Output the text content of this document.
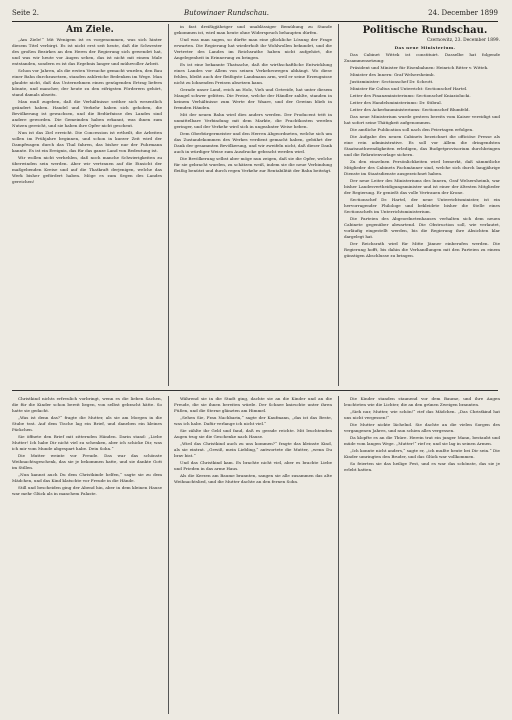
Seite 2.	Butowinaer Rundschau.	24. December 1899

Am Ziele.

„Am Ziele!“ Mit Wenigem ist es vorgenommen, was sich hinter diesem Titel verbirgt. Es ist nicht erst seit heute, daß die Schwester des großen Bezirkes an den Herrn der Regierung sich gewendet hat, und was wir heute vor Augen sehen, das ist nicht mit einem Male entstanden, sondern es ist das Ergebnis langer und mühevoller Arbeit.

Schon vor Jahren, als die ersten Versuche gemacht wurden, den Bau einer Bahn durchzusetzen, standen zahlreiche Bedenken im Wege. Man glaubte nicht, daß das Unternehmen einen genügenden Ertrag liefern könnte, und mancher, der heute zu den eifrigsten Förderern gehört, stand damals abseits.

Man muß zugeben, daß die Verhältnisse seither sich wesentlich geändert haben. Handel und Verkehr haben sich gehoben, die Bevölkerung ist gewachsen, und die Bedürfnisse des Landes sind andere geworden. Die Gemeinden haben erkannt, was ihnen zum Nutzen gereicht, und sie haben ihre Opfer nicht gescheut.

Nun ist das Ziel erreicht. Die Concession ist ertheilt, die Arbeiten sollen im Frühjahre beginnen, und schon in kurzer Zeit wird der Dampfwagen durch das Thal fahren, das bisher nur der Fuhrmann kannte. Es ist ein Ereignis, das für das ganze Land von Bedeutung ist.

Wir wollen nicht verhehlen, daß noch manche Schwierigkeiten zu überwinden sein werden. Aber wir vertrauen auf die Einsicht der maßgebenden Kreise und auf die Thatkraft derjenigen, welche das Werk bisher gefördert haben. Möge es zum Segen des Landes gereichen!

in fast dreißigjähriger und unablässiger Bemühung zu Stande gekommen ist, wird man heute ohne Widerspruch behaupten dürfen.

Und was man sagen, so dürfte man eine glückliche Lösung der Frage erwarten. Die Regierung hat wiederholt ihr Wohlwollen bekundet, und die Vertreter des Landes im Reichsrathe haben nicht aufgehört, die Angelegenheit in Erinnerung zu bringen.

Es ist eine bekannte Thatsache, daß die wirthschaftliche Entwicklung eines Landes vor Allem von seinen Verkehrswegen abhängt. Wo diese fehlen, bleibt auch der fleißigste Landmann arm, weil er seine Erzeugnisse nicht zu lohnenden Preisen absetzen kann.

Gerade unser Land, reich an Holz, Vieh und Getreide, hat unter diesem Mangel schwer gelitten. Die Preise, welche der Händler zahlte, standen in keinem Verhältnisse zum Werte der Waare, und der Gewinn blieb in fremden Händen.

Mit der neuen Bahn wird dies anders werden. Der Producent tritt in unmittelbare Verbindung mit dem Markte, die Frachtkosten werden geringer, und der Verkehr wird sich in ungeahnter Weise heben.

Dem Oberbürgermeister und den Herren Abgeordneten, welche sich um das Zustandekommen des Werkes verdient gemacht haben, gebührt der Dank der gesammten Bevölkerung, und wir zweifeln nicht, daß dieser Dank auch in würdiger Weise zum Ausdrucke gebracht werden wird.

Die Bevölkerung selbst aber möge nun zeigen, daß sie die Opfer, welche für sie gebracht wurden, zu schätzen weiß, indem sie die neue Verbindung fleißig benützt und durch regen Verkehr zur Rentabilität der Bahn beiträgt.

Politische Rundschau.

Czernowitz, 23. December 1899.

Das neue Ministerium.

Das Cabinet Wittek ist constituirt. Dasselbe hat folgende Zusammensetzung:

Präsident und Minister für Eisenbahnen: Heinrich Ritter v. Wittek.

Minister des Innern: Graf Welsersheimb.

Justizminister: Sectionschef Dr. Schrott.

Minister für Cultus und Unterricht: Sectionschef Hartel.

Leiter des Finanzministeriums: Sectionschef Kniaziolucki.

Leiter des Handelsministeriums: Dr. Stibral.

Leiter des Ackerbauministeriums: Sectionschef Blumfeld.

Das neue Ministerium wurde gestern bereits vom Kaiser vereidigt und hat sofort seine Thätigkeit aufgenommen.

Die amtliche Publication soll nach den Feiertagen erfolgen.

Die Aufgabe des neuen Cabinets bezeichnet die officiöse Presse als eine rein administrative. Es soll vor Allem die dringendsten Staatsnothwendigkeiten erledigen, das Budgetprovisorium durchbringen und die Rekrutenvorlage sichern.

Zu den einzelnen Persönlichkeiten wird bemerkt, daß sämmtliche Mitglieder des Cabinets Fachmänner sind, welche sich durch langjährige Dienste im Staatsdienste ausgezeichnet haben.

Der neue Leiter des Ministeriums des Innern, Graf Welsersheimb, war bisher Landesvertheidigungsminister und ist einer der ältesten Mitglieder der Regierung. Er genießt das volle Vertrauen der Krone.

Sectionschef Dr. Hartel, der neue Unterrichtsminister, ist ein hervorragender Philologe und bekleidete bisher die Stelle eines Sectionschefs im Unterrichtsministerium.

Die Parteien des Abgeordnetenhauses verhalten sich dem neuen Cabinete gegenüber abwartend. Die Obstruction soll, wie verlautet, vorläufig eingestellt werden, bis die Regierung ihre Absichten klar dargelegt hat.

Der Reichsrath wird für Mitte Jänner einberufen werden. Die Regierung hofft, bis dahin die Verhandlungen mit den Parteien zu einem günstigen Abschlusse zu bringen.

Christkind nichts erfreulich vorbringt, wenn es die lieben Sachen, die für die Kinder schon bereit liegen, von selbst gebracht hätte. So hatte sie gedacht.

„Was ist denn das?“ fragte die Mutter, als sie am Morgen in die Stube trat. Auf dem Tische lag ein Brief, und daneben ein kleines Päckchen.

Sie öffnete den Brief mit zitternden Händen. Darin stand: „Liebe Mutter! Ich habe Dir nicht viel zu schenken, aber ich schicke Dir, was ich mir vom Munde abgespart habe. Dein Sohn.“

Die Mutter weinte vor Freude. Das war das schönste Weihnachtsgeschenk, das sie je bekommen hatte, und sie dankte Gott im Stillen.

„Nun kannst auch Du dem Christkinde helfen,“ sagte sie zu dem Mädchen, und das Kind klatschte vor Freude in die Hände.

Still und bescheiden ging der Abend hin, aber in dem kleinen Hause war mehr Glück als in manchem Palaste.

Während sie in die Stadt ging, dachte sie an die Kinder und an die Freude, die sie ihnen bereiten würde. Der Schnee knirschte unter ihren Füßen, und die Sterne glänzten am Himmel.

„Sehen Sie, Frau Nachbarin,“ sagte der Kaufmann, „das ist das Beste, was ich habe. Dafür verlange ich nicht viel.“

Sie zählte ihr Geld und fand, daß es gerade reichte. Mit leuchtenden Augen trug sie die Geschenke nach Hause.

„Wird das Christkind auch zu uns kommen?“ fragte das kleinste Kind, als sie eintrat. „Gewiß, mein Liebling,“ antwortete die Mutter, „wenn Du brav bist.“

Und das Christkind kam. Es brachte nicht viel, aber es brachte Liebe und Frieden in das arme Haus.

Als die Kerzen am Baume brannten, sangen sie alle zusammen das alte Weihnachtslied, und die Mutter dachte an den fernen Sohn.

Die Kinder standen staunend vor dem Baume, und ihre Augen leuchteten wie die Lichter, die an den grünen Zweigen brannten.

„Sieh nur, Mutter, wie schön!“ rief das Mädchen. „Das Christkind hat uns nicht vergessen!“

Die Mutter nickte lächelnd. Sie dachte an die vielen Sorgen des vergangenen Jahres, und nun schien alles vergessen.

Da klopfte es an die Thüre. Herein trat ein junger Mann, bestaubt und müde vom langen Wege. „Mutter!“ rief er, und sie lag in seinen Armen.

„Ich konnte nicht anders,“ sagte er, „ich mußte heute bei Dir sein.“ Die Kinder umringten den Bruder, und das Glück war vollkommen.

So feierten sie das heilige Fest, und es war das schönste, das sie je erlebt hatten.
